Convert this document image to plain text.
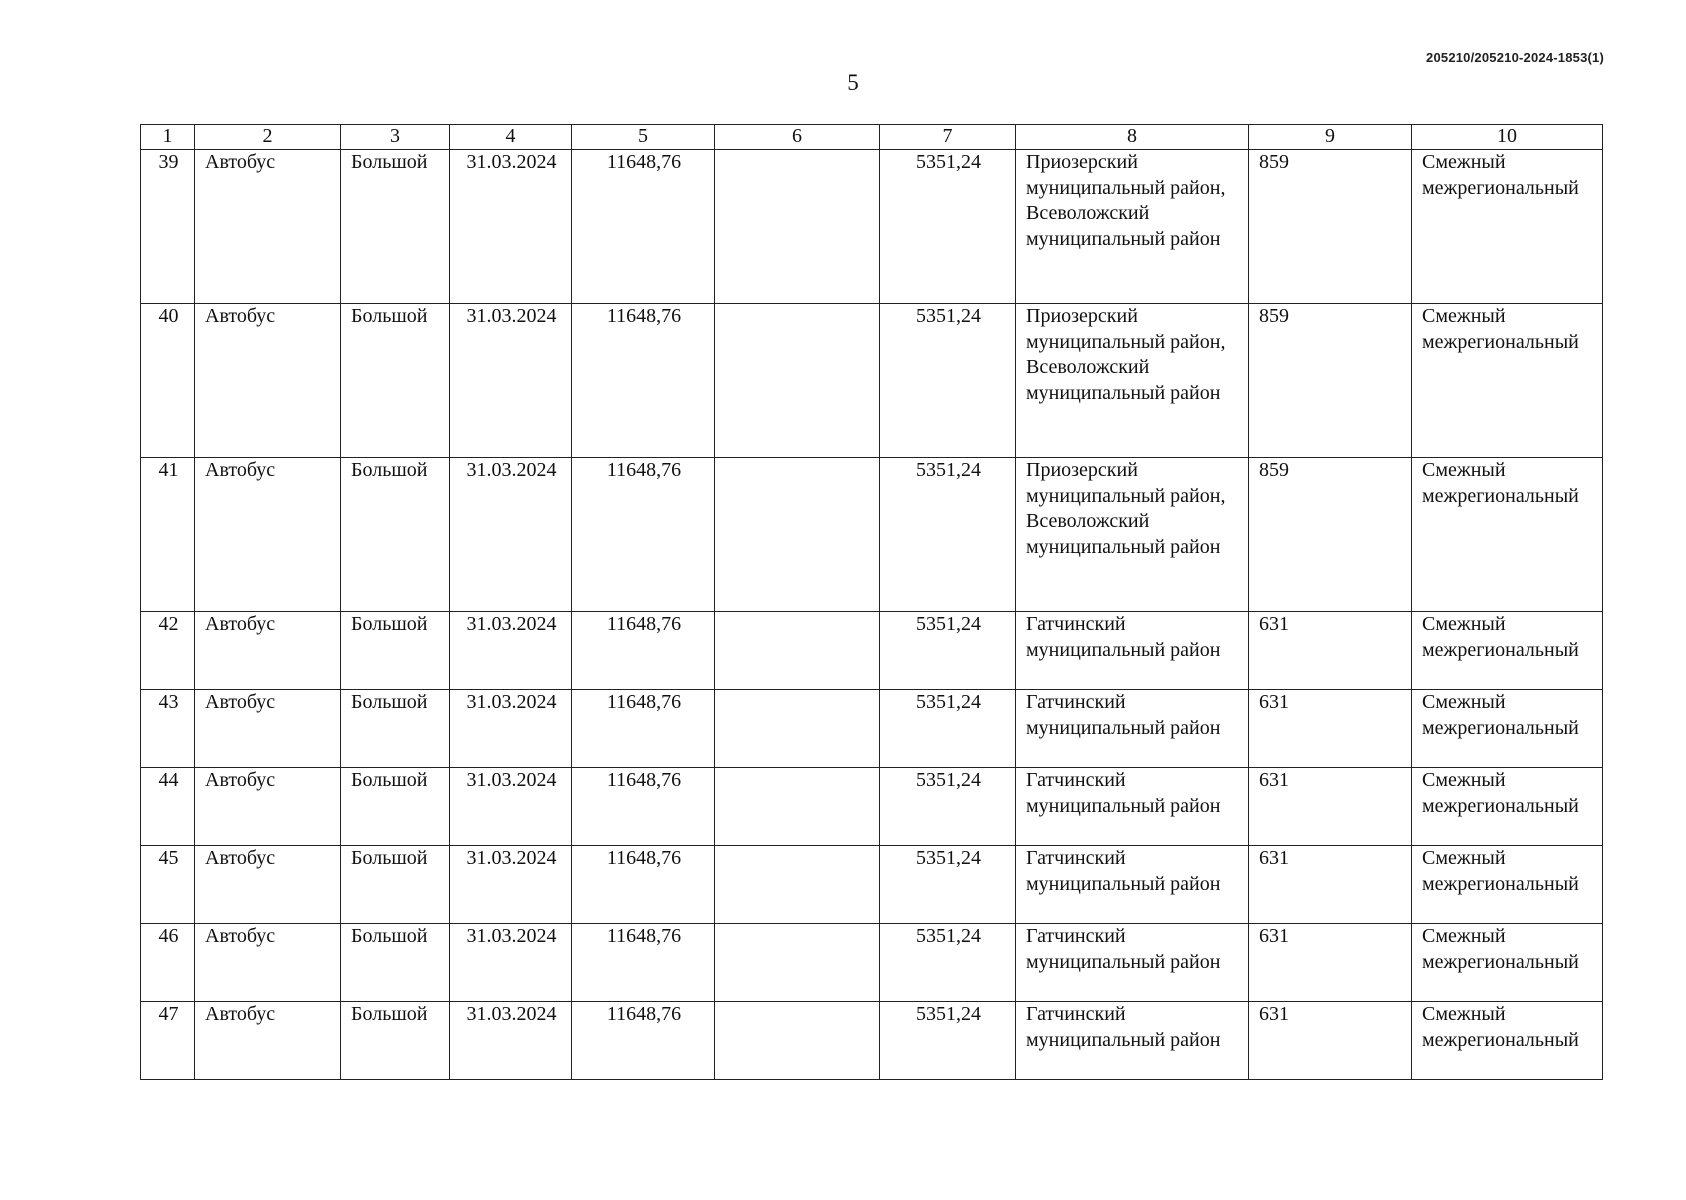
205210/205210-2024-1853(1)
5
1	2	3	4	5	6	7	8	9	10
39	Автобус	Большой	31.03.2024	11648,76		5351,24	Приозерский муниципальный район, Всеволожский муниципальный район	859	Смежный межрегиональный
40	Автобус	Большой	31.03.2024	11648,76		5351,24	Приозерский муниципальный район, Всеволожский муниципальный район	859	Смежный межрегиональный
41	Автобус	Большой	31.03.2024	11648,76		5351,24	Приозерский муниципальный район, Всеволожский муниципальный район	859	Смежный межрегиональный
42	Автобус	Большой	31.03.2024	11648,76		5351,24	Гатчинский муниципальный район	631	Смежный межрегиональный
43	Автобус	Большой	31.03.2024	11648,76		5351,24	Гатчинский муниципальный район	631	Смежный межрегиональный
44	Автобус	Большой	31.03.2024	11648,76		5351,24	Гатчинский муниципальный район	631	Смежный межрегиональный
45	Автобус	Большой	31.03.2024	11648,76		5351,24	Гатчинский муниципальный район	631	Смежный межрегиональный
46	Автобус	Большой	31.03.2024	11648,76		5351,24	Гатчинский муниципальный район	631	Смежный межрегиональный
47	Автобус	Большой	31.03.2024	11648,76		5351,24	Гатчинский муниципальный район	631	Смежный межрегиональный
